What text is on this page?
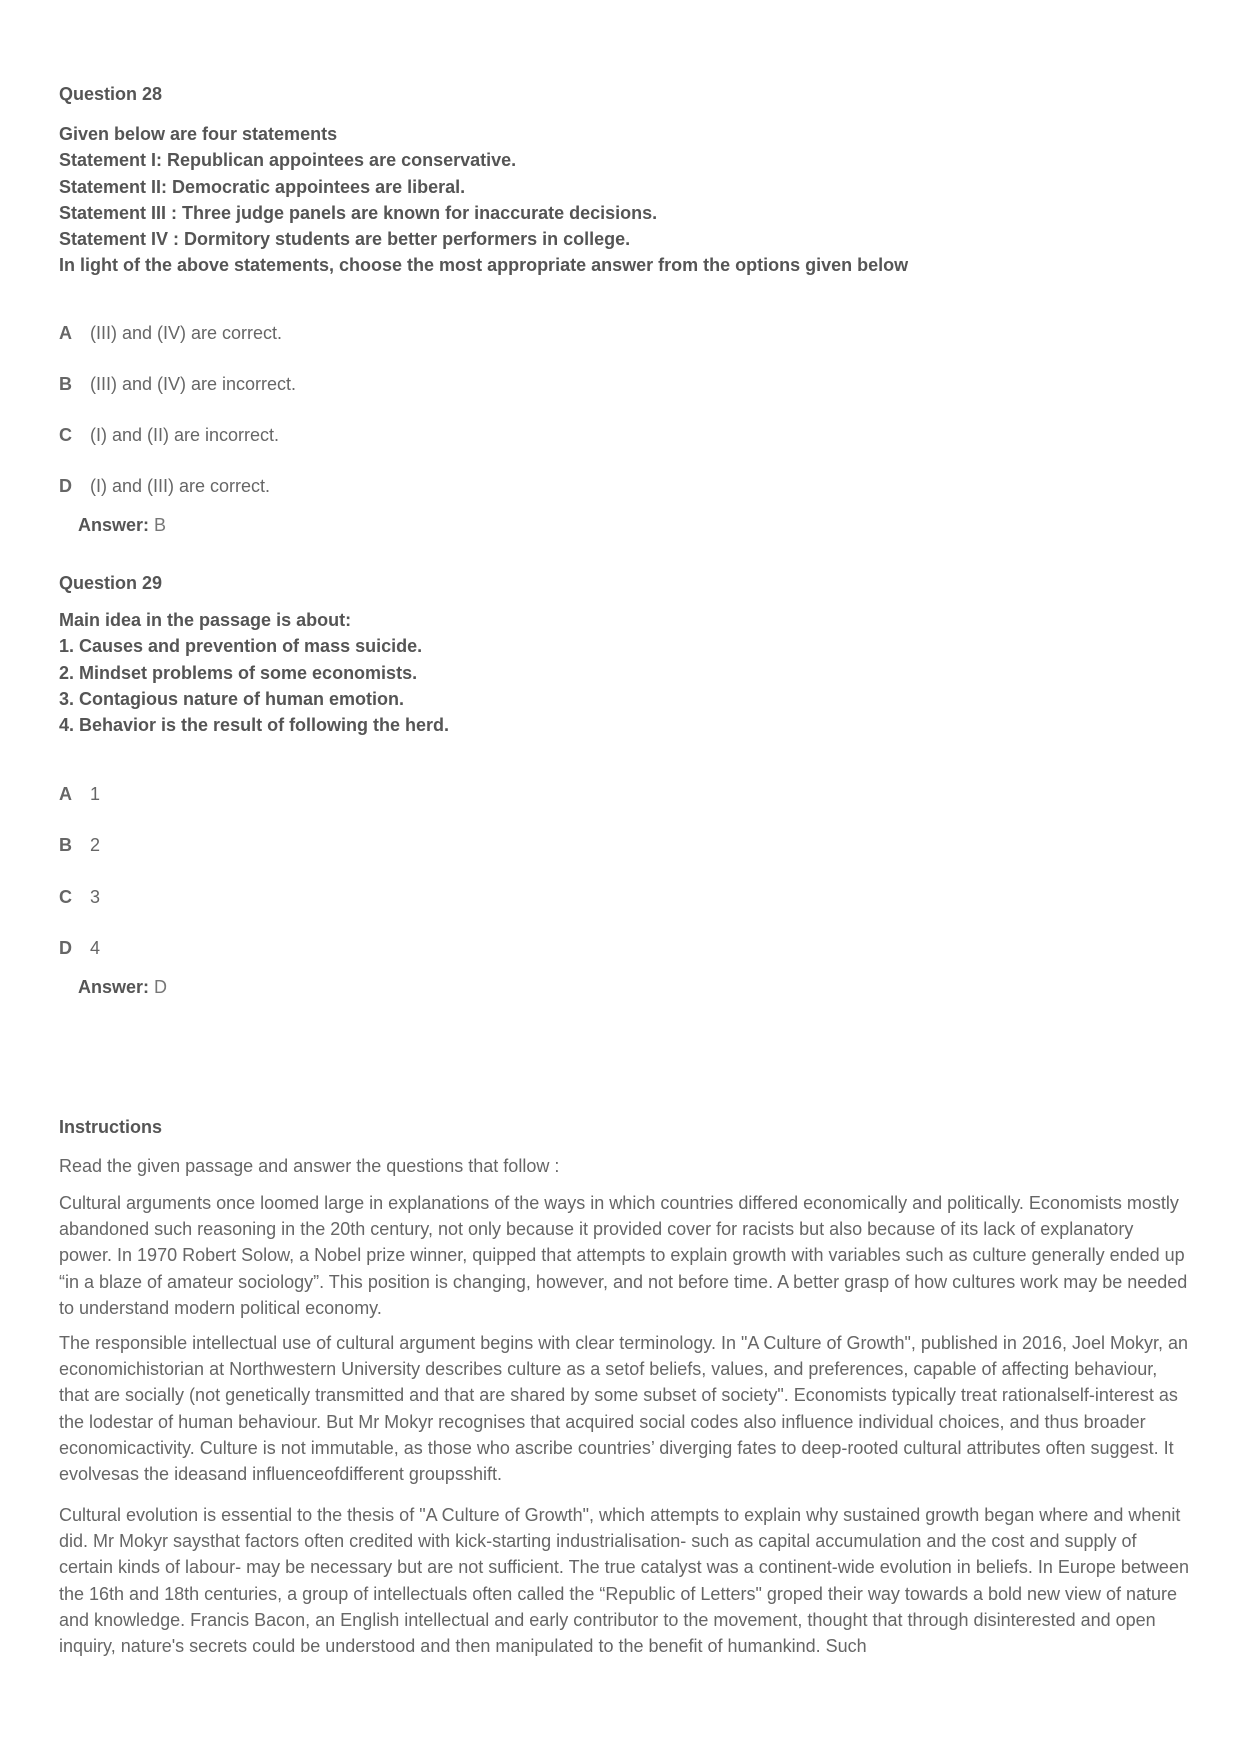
Question 28
Given below are four statements
Statement I: Republican appointees are conservative.
Statement II: Democratic appointees are liberal.
Statement III : Three judge panels are known for inaccurate decisions.
Statement IV : Dormitory students are better performers in college.
In light of the above statements, choose the most appropriate answer from the options given below
A (III) and (IV) are correct.
B (III) and (IV) are incorrect.
C (I) and (II) are incorrect.
D (I) and (III) are correct.
Answer: B
Question 29
Main idea in the passage is about:
1. Causes and prevention of mass suicide.
2. Mindset problems of some economists.
3. Contagious nature of human emotion.
4. Behavior is the result of following the herd.
A 1
B 2
C 3
D 4
Answer: D
Instructions
Read the given passage and answer the questions that follow :
Cultural arguments once loomed large in explanations of the ways in which countries differed economically and politically. Economists mostly abandoned such reasoning in the 20th century, not only because it provided cover for racists but also because of its lack of explanatory power. In 1970 Robert Solow, a Nobel prize winner, quipped that attempts to explain growth with variables such as culture generally ended up “in a blaze of amateur sociology”. This position is changing, however, and not before time. A better grasp of how cultures work may be needed to understand modern political economy.
The responsible intellectual use of cultural argument begins with clear terminology. In "A Culture of Growth", published in 2016, Joel Mokyr, an economichistorian at Northwestern University describes culture as a setof beliefs, values, and preferences, capable of affecting behaviour, that are socially (not genetically transmitted and that are shared by some subset of society". Economists typically treat rationalself-interest as the lodestar of human behaviour. But Mr Mokyr recognises that acquired social codes also influence individual choices, and thus broader economicactivity. Culture is not immutable, as those who ascribe countries’ diverging fates to deep-rooted cultural attributes often suggest. It evolvesas the ideasand influenceofdifferent groupsshift.
Cultural evolution is essential to the thesis of "A Culture of Growth", which attempts to explain why sustained growth began where and whenit did. Mr Mokyr saysthat factors often credited with kick-starting industrialisation- such as capital accumulation and the cost and supply of certain kinds of labour- may be necessary but are not sufficient. The true catalyst was a continent-wide evolution in beliefs. In Europe between the 16th and 18th centuries, a group of intellectuals often called the “Republic of Letters" groped their way towards a bold new view of nature and knowledge. Francis Bacon, an English intellectual and early contributor to the movement, thought that through disinterested and open inquiry, nature's secrets could be understood and then manipulated to the benefit of humankind. Such
